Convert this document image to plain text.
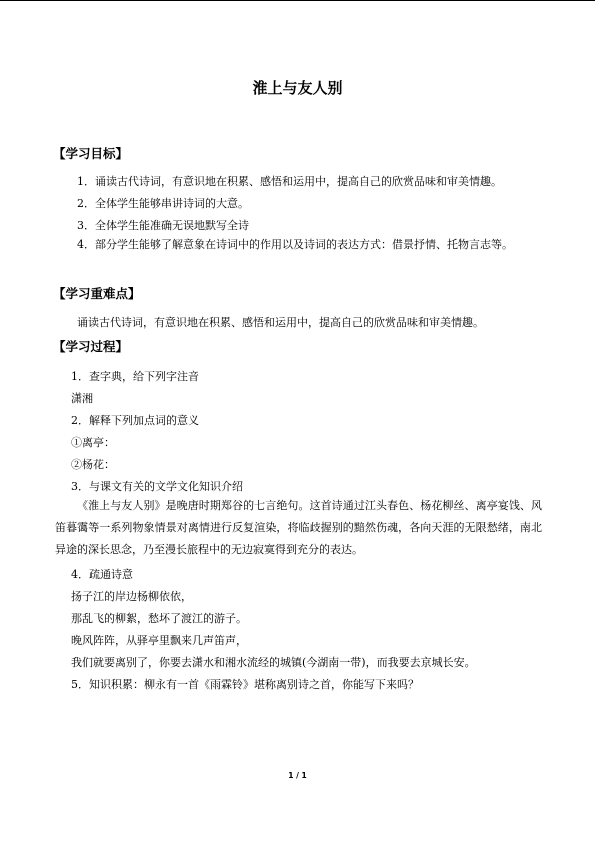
淮上与友人别
【学习目标】
1．诵读古代诗词，有意识地在积累、感悟和运用中，提高自己的欣赏品味和审美情趣。
2．全体学生能够串讲诗词的大意。
3．全体学生能准确无误地默写全诗
4．部分学生能够了解意象在诗词中的作用以及诗词的表达方式：借景抒情、托物言志等。
【学习重难点】
诵读古代诗词，有意识地在积累、感悟和运用中，提高自己的欣赏品味和审美情趣。
【学习过程】
1．查字典，给下列字注音
潇湘
2．解释下列加点词的意义
①离亭：
②杨花：
3．与课文有关的文学文化知识介绍
《淮上与友人别》是晚唐时期郑谷的七言绝句。这首诗通过江头春色、杨花柳丝、离亭宴饯、风笛暮霭等一系列物象情景对离情进行反复渲染，将临歧握别的黯然伤魂，各向天涯的无限愁绪，南北异途的深长思念，乃至漫长旅程中的无边寂寞得到充分的表达。
4．疏通诗意
扬子江的岸边杨柳依依，
那乱飞的柳絮，愁坏了渡江的游子。
晚风阵阵，从驿亭里飘来几声笛声，
我们就要离别了，你要去潇水和湘水流经的城镇(今湖南一带)，而我要去京城长安。
5．知识积累：柳永有一首《雨霖铃》堪称离别诗之首，你能写下来吗？
1 / 1
